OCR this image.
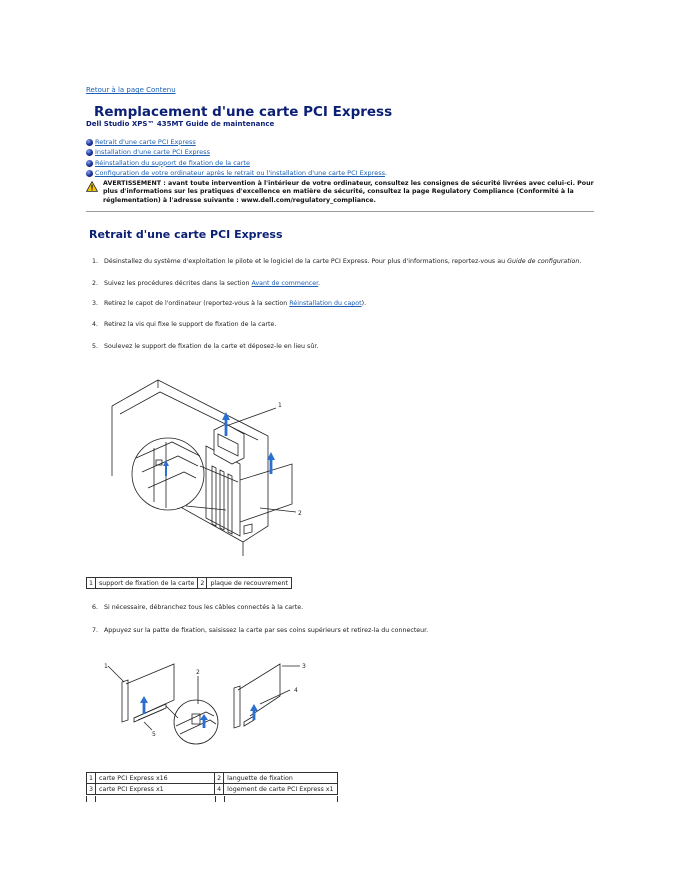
Retour à la page Contenu
Remplacement d'une carte PCI Express
Dell Studio XPS™ 435MT Guide de maintenance
Retrait d'une carte PCI Express
Installation d'une carte PCI Express
Réinstallation du support de fixation de la carte
Configuration de votre ordinateur après le retrait ou l'installation d'une carte PCI Express .
AVERTISSEMENT : avant toute intervention à l'intérieur de votre ordinateur, consultez les consignes de sécurité livrées avec celui-ci. Pour plus d'informations sur les pratiques d'excellence en matière de sécurité, consultez la page Regulatory Compliance (Conformité à la réglementation) à l'adresse suivante : www.dell.com/regulatory_compliance.
Retrait d'une carte PCI Express
1. Désinstallez du système d'exploitation le pilote et le logiciel de la carte PCI Express. Pour plus d'informations, reportez-vous au Guide de configuration.
2. Suivez les procédures décrites dans la section Avant de commencer.
3. Retirez le capot de l'ordinateur (reportez-vous à la section Réinstallation du capot).
4. Retirez la vis qui fixe le support de fixation de la carte.
5. Soulevez le support de fixation de la carte et déposez-le en lieu sûr.
1
2
1	support de fixation de la carte	2	plaque de recouvrement
6. Si nécessaire, débranchez tous les câbles connectés à la carte.
7. Appuyez sur la patte de fixation, saisissez la carte par ses coins supérieurs et retirez-la du connecteur.
1
2
3
4
5
1	carte PCI Express x16	2	languette de fixation
3	carte PCI Express x1	4	logement de carte PCI Express x1
